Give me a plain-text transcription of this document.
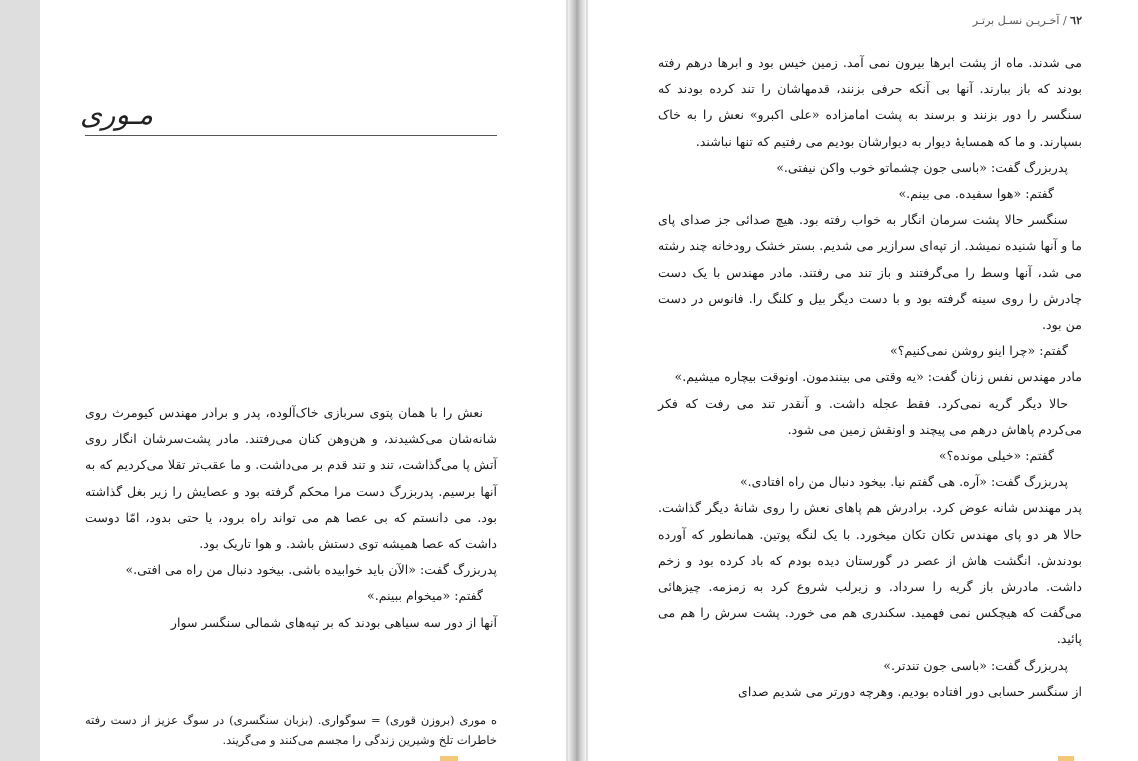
مـوری

نعش را با همان پتوی سربازی خاک‌آلوده، پدر و برادر مهندس کیومرث روی شانه‌شان می‌کشیدند، و هن‌وهن کنان می‌رفتند. مادر پشت‌سرشان انگار روی آتش پا می‌گذاشت، تند و تند قدم بر می‌داشت. و ما عقب‌تر تقلا می‌کردیم که به آنها برسیم. پدربزرگ دست مرا محکم گرفته بود و عصایش را زیر بغل گذاشته بود. می دانستم که بی عصا هم می تواند راه برود، یا حتی بدود، امّا دوست داشت که عصا همیشه توی دستش باشد. و هوا تاریک بود.

پدربزرگ گفت: «الآن باید خوابیده باشی. بیخود دنبال من راه می افتی.»

گفتم: «میخوام ببینم.»

آنها از دور سه سیاهی بودند که بر تپه‌های شمالی سنگسر سوار

ه موری (بروزن قوری) = سوگواری. (بزبان سنگسری) در سوگ عزیز از دست رفته خاطرات تلخ وشیرین زندگی را مجسم می‌کنند و می‌گریند.
٦٢ / آخـریـن نسـل برتـر

می شدند. ماه از پشت ابرها بیرون نمی آمد. زمین خیس بود و ابرها درهم رفته بودند که باز ببارند. آنها بی آنکه حرفی بزنند، قدمهاشان را تند کرده بودند که سنگسر را دور بزنند و برسند به پشت امامزاده «علی اکبرو» نعش را به خاک بسپارند. و ما که همسایهٔ دیوار به دیوارشان بودیم می رفتیم که تنها نباشند.

پدربزرگ گفت: «باسی جون چشماتو خوب واکن نیفتی.»

گفتم: «هوا سفیده. می بینم.»

سنگسر حالا پشت سرمان انگار به خواب رفته بود. هیچ صدائی جز صدای پای ما و آنها شنیده نمیشد. از تپه‌ای سرازیر می شدیم. بستر خشک رودخانه چند رشته می شد، آنها وسط را می‌گرفتند و باز تند می رفتند. مادر مهندس با یک دست چادرش را روی سینه گرفته بود و با دست دیگر بیل و کلنگ را. فانوس در دست من بود.

گفتم: «چرا اینو روشن نمی‌کنیم؟»

مادر مهندس نفس زنان گفت: «یه وقتی می بینندمون. اونوقت بیچاره میشیم.»

حالا دیگر گریه نمی‌کرد. فقط عجله داشت. و آنقدر تند می رفت که فکر می‌کردم پاهاش درهم می پیچند و اونقش زمین می شود.

گفتم: «خیلی مونده؟»

پدربزرگ گفت: «آره. هی گفتم نیا. بیخود دنبال من راه افتادی.»

پدر مهندس شانه عوض کرد. برادرش هم پاهای نعش را روی شانهٔ دیگر گذاشت. حالا هر دو پای مهندس تکان تکان میخورد. با یک لنگه پوتین. همانطور که آورده بودندش. انگشت هاش از عصر در گورستان دیده بودم که باد کرده بود و زخم داشت. مادرش باز گریه را سرداد. و زیرلب شروع کرد به زمزمه. چیزهائی می‌گفت که هیچکس نمی فهمید. سکندری هم می خورد. پشت سرش را هم می پائید.

پدربزرگ گفت: «باسی جون تندتر.»

از سنگسر حسابی دور افتاده بودیم. وهرچه دورتر می شدیم صدای
